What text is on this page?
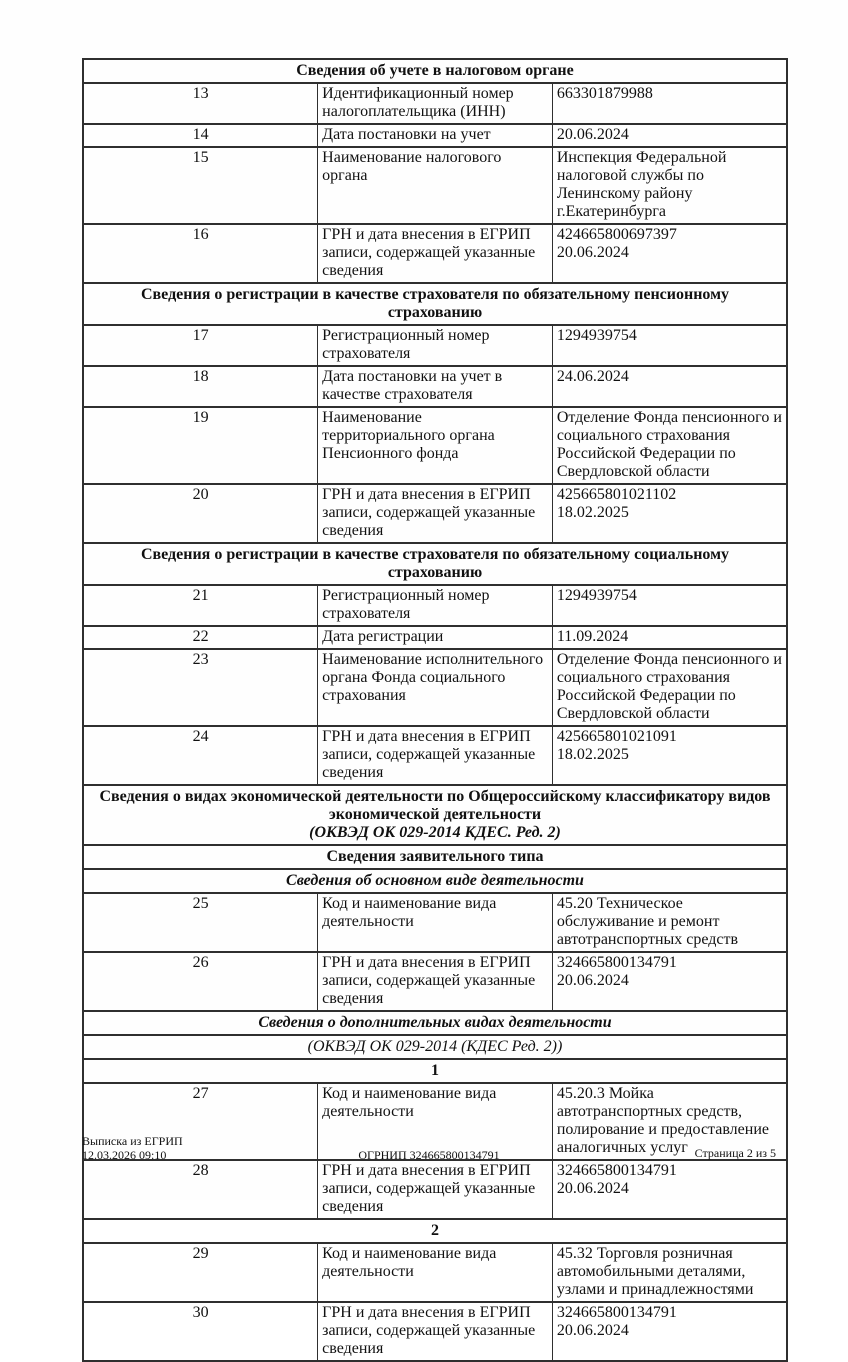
Сведения об учете в налоговом органе		
13	Идентификационный номер налогоплательщика (ИНН)	663301879988

14	Дата постановки на учет	20.06.2024

15	Наименование налогового органа	Инспекция Федеральной налоговой службы по Ленинскому району г.Екатеринбурга

16	ГРН и дата внесения в ЕГРИП записи, содержащей указанные сведения	424665800697397
20.06.2024

Сведения о регистрации в качестве страхователя по обязательному пенсионному страхованию		
17	Регистрационный номер страхователя	1294939754

18	Дата постановки на учет в качестве страхователя	24.06.2024

19	Наименование территориального органа Пенсионного фонда	Отделение Фонда пенсионного и социального страхования Российской Федерации по Свердловской области

20	ГРН и дата внесения в ЕГРИП записи, содержащей указанные сведения	425665801021102
18.02.2025

Сведения о регистрации в качестве страхователя по обязательному социальному страхованию		
21	Регистрационный номер страхователя	1294939754

22	Дата регистрации	11.09.2024

23	Наименование исполнительного органа Фонда социального страхования	Отделение Фонда пенсионного и социального страхования Российской Федерации по Свердловской области

24	ГРН и дата внесения в ЕГРИП записи, содержащей указанные сведения	425665801021091
18.02.2025

Сведения о видах экономической деятельности по Общероссийскому классификатору видов экономической деятельности
(ОКВЭД ОК 029-2014 КДЕС. Ред. 2)		

Сведения заявительного типа		
Сведения об основном виде деятельности		
25	Код и наименование вида деятельности	45.20 Техническое обслуживание и ремонт автотранспортных средств

26	ГРН и дата внесения в ЕГРИП записи, содержащей указанные сведения	324665800134791
20.06.2024

Сведения о дополнительных видах деятельности		
(ОКВЭД ОК 029-2014 (КДЕС Ред. 2))		
1		
27	Код и наименование вида деятельности	45.20.3 Мойка автотранспортных средств, полирование и предоставление аналогичных услуг

28	ГРН и дата внесения в ЕГРИП записи, содержащей указанные сведения	324665800134791
20.06.2024

2		
29	Код и наименование вида деятельности	45.32 Торговля розничная автомобильными деталями, узлами и принадлежностями

30	ГРН и дата внесения в ЕГРИП записи, содержащей указанные сведения	324665800134791
20.06.2024
Выписка из ЕГРИП
12.03.2026 09:10	ОГРНИП 324665800134791	Страница 2 из 5
